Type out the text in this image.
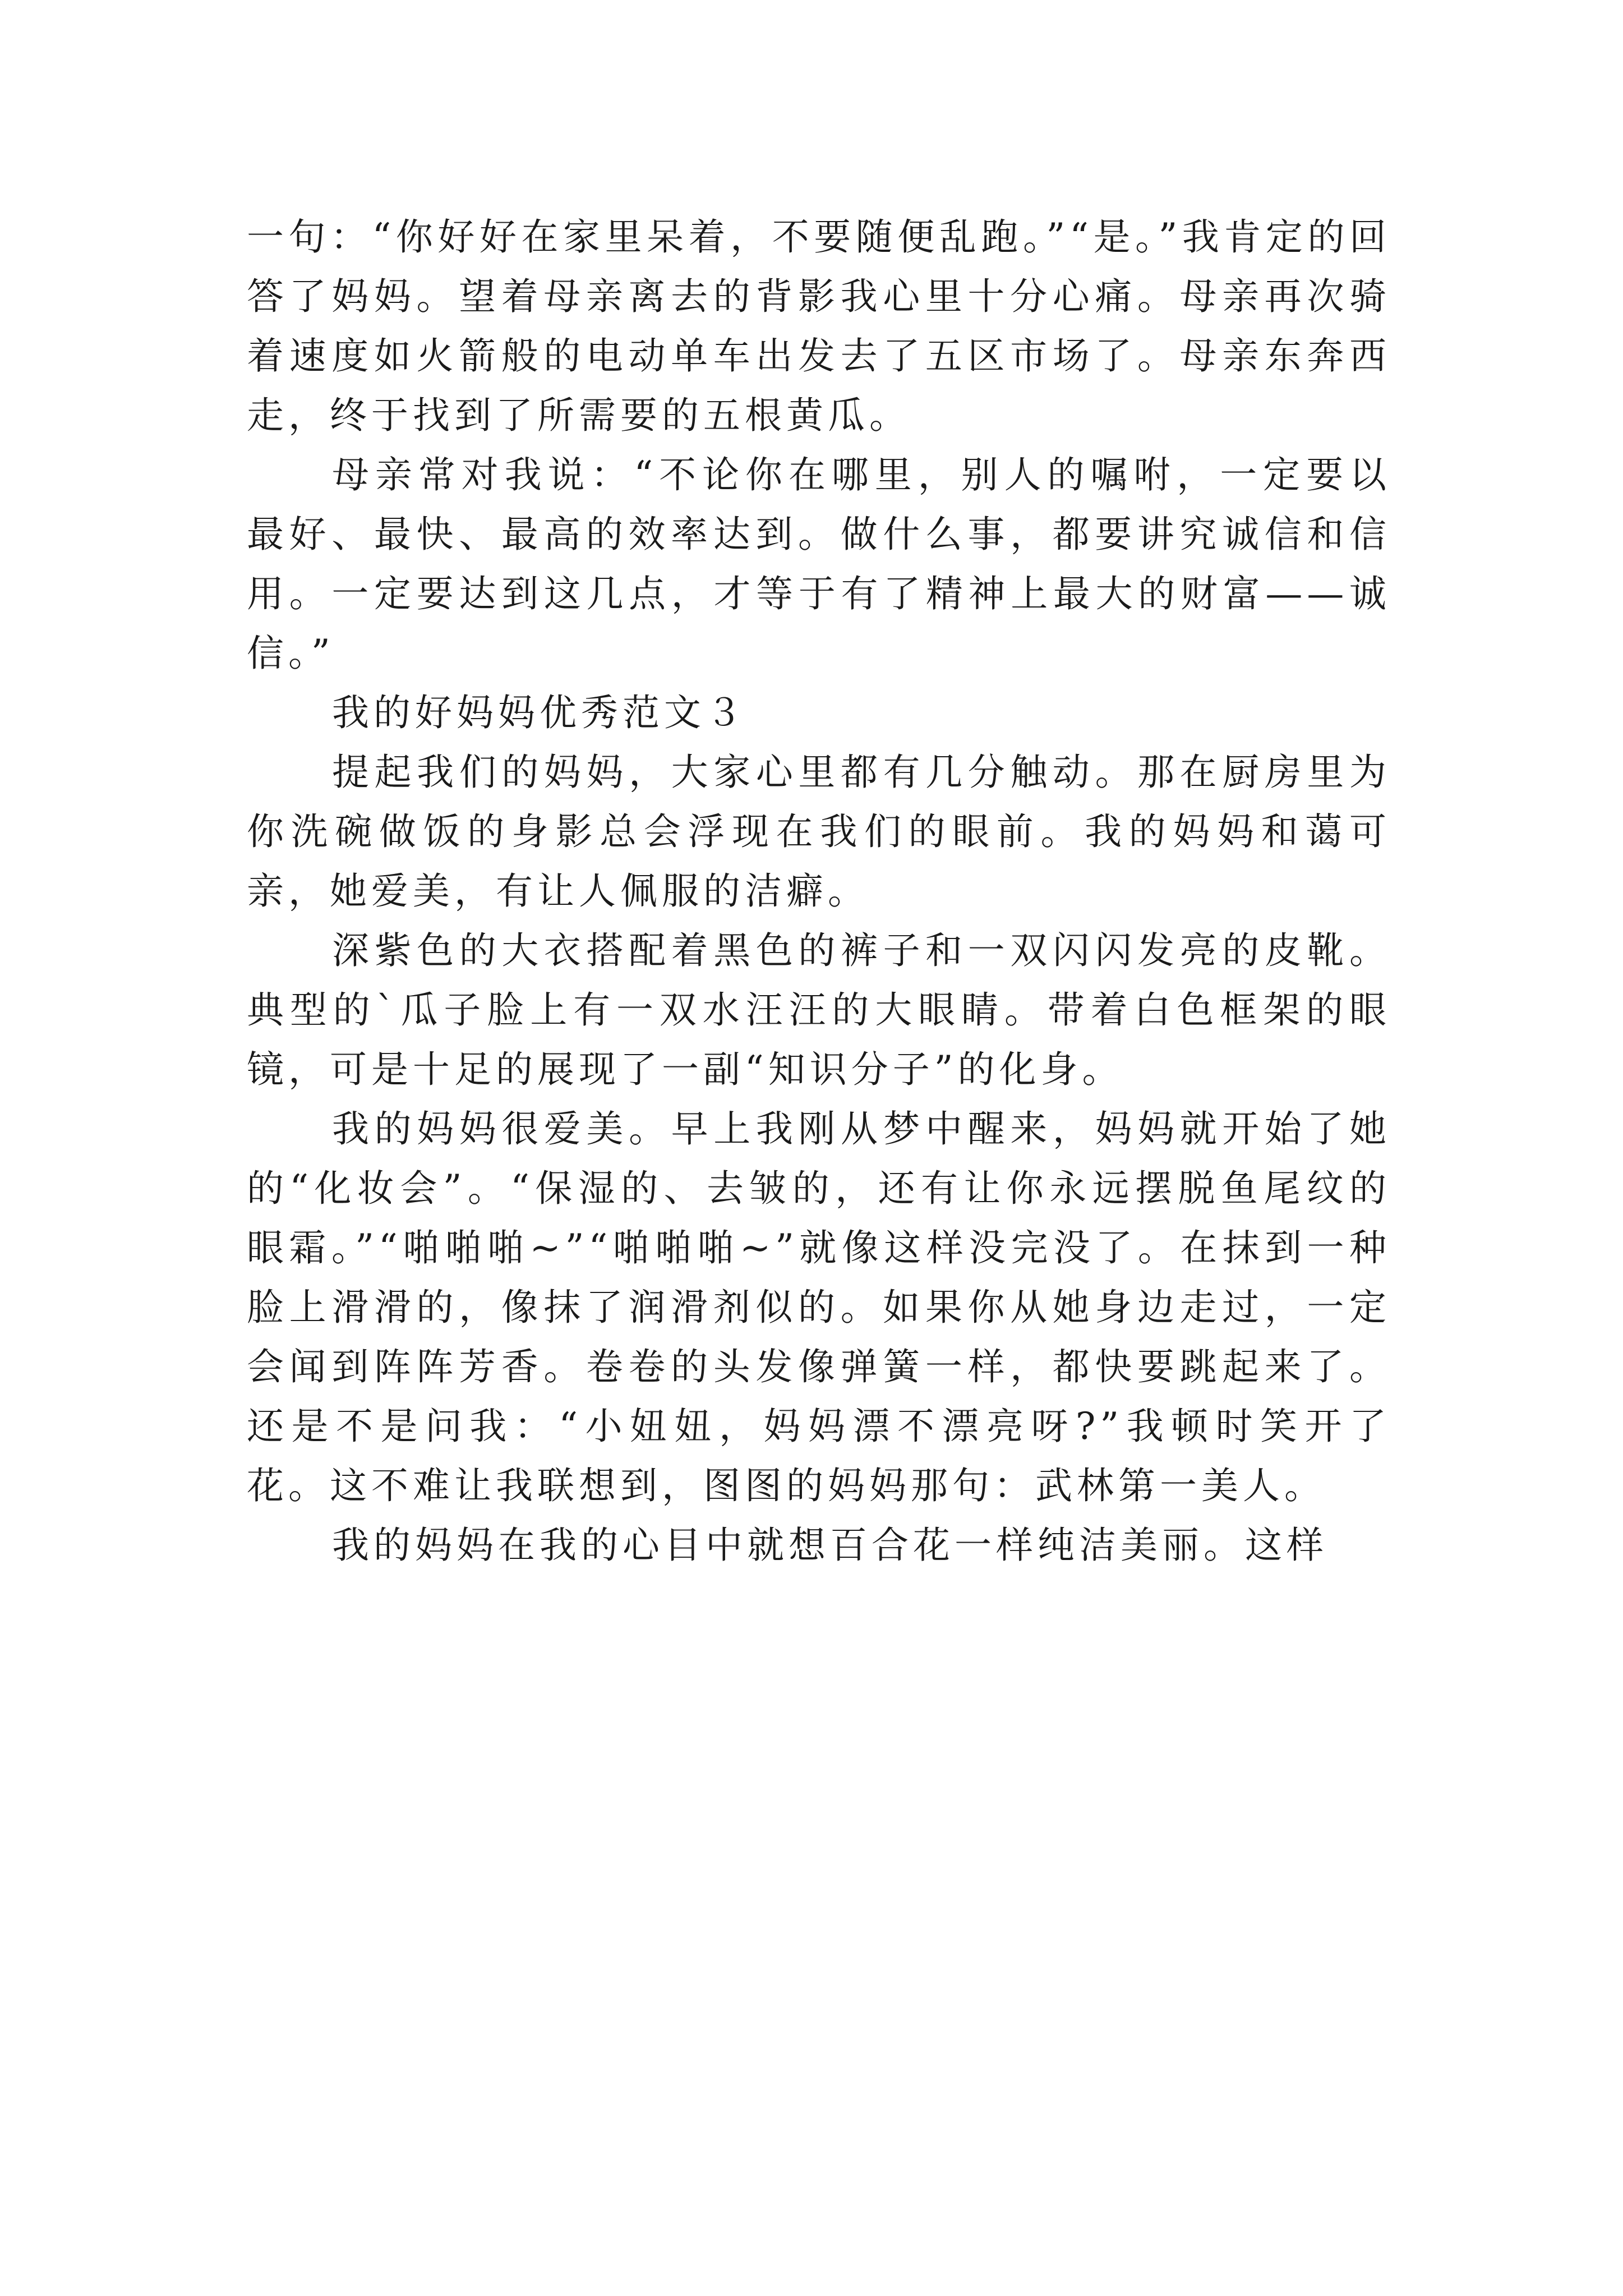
一句：“你好好在家里呆着，不要随便乱跑。”“是。”我肯定的回答了妈妈。望着母亲离去的背影我心里十分心痛。母亲再次骑着速度如火箭般的电动单车出发去了五区市场了。母亲东奔西走，终于找到了所需要的五根黄瓜。

母亲常对我说：“不论你在哪里，别人的嘱咐，一定要以最好、最快、最高的效率达到。做什么事，都要讲究诚信和信用。一定要达到这几点，才等于有了精神上最大的财富——诚信。”

我的好妈妈优秀范文３

提起我们的妈妈，大家心里都有几分触动。那在厨房里为你洗碗做饭的身影总会浮现在我们的眼前。我的妈妈和蔼可亲，她爱美，有让人佩服的洁癖。

深紫色的大衣搭配着黑色的裤子和一双闪闪发亮的皮靴。典型的`瓜子脸上有一双水汪汪的大眼睛。带着白色框架的眼镜，可是十足的展现了一副“知识分子”的化身。

我的妈妈很爱美。早上我刚从梦中醒来，妈妈就开始了她的“化妆会”。“保湿的、去皱的，还有让你永远摆脱鱼尾纹的眼霜。”“啪啪啪~”“啪啪啪~”就像这样没完没了。在抹到一种脸上滑滑的，像抹了润滑剂似的。如果你从她身边走过，一定会闻到阵阵芳香。卷卷的头发像弹簧一样，都快要跳起来了。还是不是问我：“小妞妞，妈妈漂不漂亮呀?”我顿时笑开了花。这不难让我联想到，图图的妈妈那句：武林第一美人。

我的妈妈在我的心目中就想百合花一样纯洁美丽。这样
